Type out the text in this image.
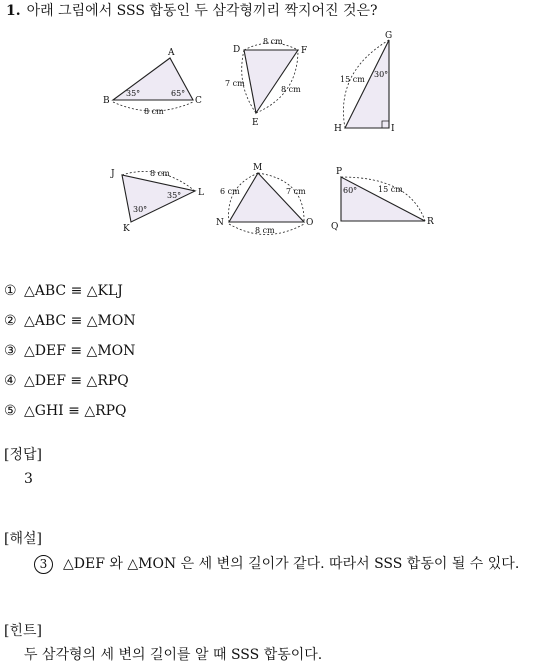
1. 아래 그림에서 SSS 합동인 두 삼각형끼리 짝지어진 것은?
A
B	C
35°	65°
8 cm
D
E
F
8 cm
7 cm
8 cm
G
H	I
15 cm
30°
J
K
L
8 cm
35°
30°
M
N	O
6 cm	7 cm
8 cm
P
Q	R
15 cm
60°
① △ABC ≡ △KLJ
② △ABC ≡ △MON
③ △DEF ≡ △MON
④ △DEF ≡ △RPQ
⑤ △GHI ≡ △RPQ
[정답]
3
[해설]
3 △DEF 와 △MON 은 세 변의 길이가 같다. 따라서 SSS 합동이 될 수 있다.
[힌트]
두 삼각형의 세 변의 길이를 알 때 SSS 합동이다.
